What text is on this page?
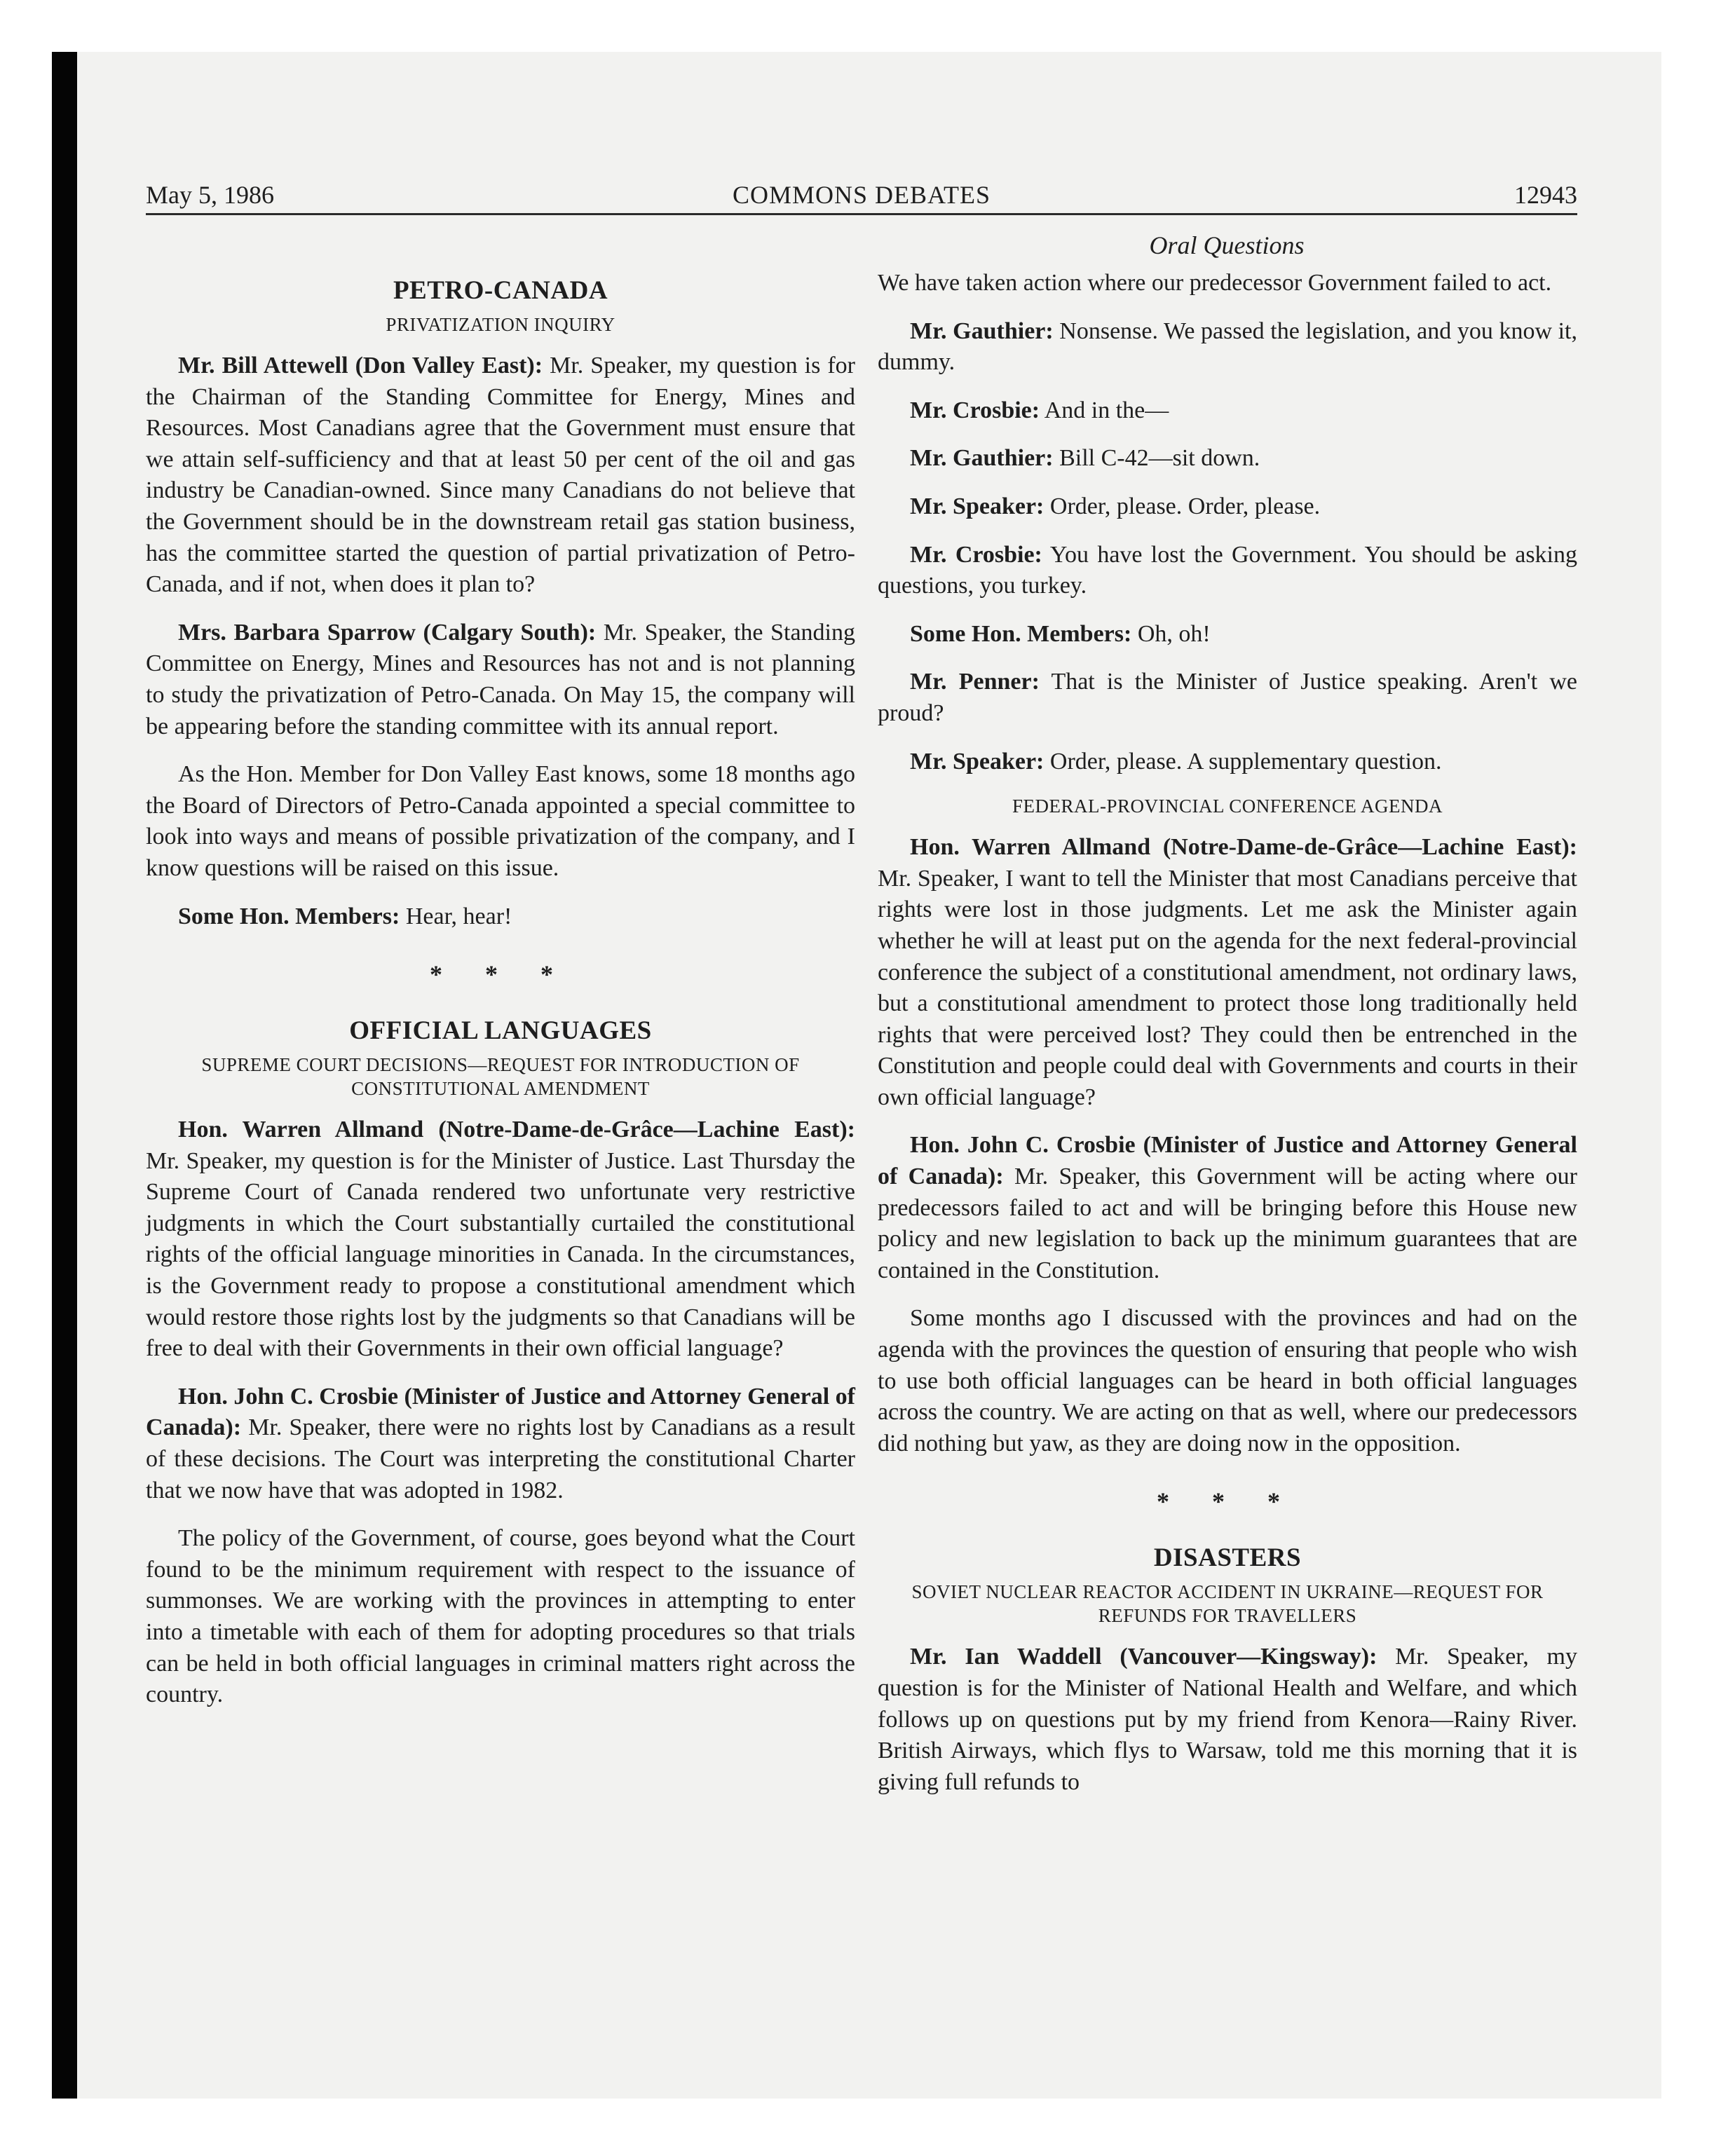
May 5, 1986	COMMONS DEBATES	12943
Oral Questions
PETRO-CANADA
PRIVATIZATION INQUIRY

Mr. Bill Attewell (Don Valley East): Mr. Speaker, my question is for the Chairman of the Standing Committee for Energy, Mines and Resources. Most Canadians agree that the Government must ensure that we attain self-sufficiency and that at least 50 per cent of the oil and gas industry be Canadian-owned. Since many Canadians do not believe that the Government should be in the downstream retail gas station business, has the committee started the question of partial privatization of Petro-Canada, and if not, when does it plan to?

Mrs. Barbara Sparrow (Calgary South): Mr. Speaker, the Standing Committee on Energy, Mines and Resources has not and is not planning to study the privatization of Petro-Canada. On May 15, the company will be appearing before the standing committee with its annual report.

As the Hon. Member for Don Valley East knows, some 18 months ago the Board of Directors of Petro-Canada appointed a special committee to look into ways and means of possible privatization of the company, and I know questions will be raised on this issue.

Some Hon. Members: Hear, hear!

* * *
OFFICIAL LANGUAGES
SUPREME COURT DECISIONS—REQUEST FOR INTRODUCTION OF CONSTITUTIONAL AMENDMENT

Hon. Warren Allmand (Notre-Dame-de-Grâce—Lachine East): Mr. Speaker, my question is for the Minister of Justice. Last Thursday the Supreme Court of Canada rendered two unfortunate very restrictive judgments in which the Court substantially curtailed the constitutional rights of the official language minorities in Canada. In the circumstances, is the Government ready to propose a constitutional amendment which would restore those rights lost by the judgments so that Canadians will be free to deal with their Governments in their own official language?

Hon. John C. Crosbie (Minister of Justice and Attorney General of Canada): Mr. Speaker, there were no rights lost by Canadians as a result of these decisions. The Court was interpreting the constitutional Charter that we now have that was adopted in 1982.

The policy of the Government, of course, goes beyond what the Court found to be the minimum requirement with respect to the issuance of summonses. We are working with the provinces in attempting to enter into a timetable with each of them for adopting procedures so that trials can be held in both official languages in criminal matters right across the country.

We have taken action where our predecessor Government failed to act.

Mr. Gauthier: Nonsense. We passed the legislation, and you know it, dummy.

Mr. Crosbie: And in the—

Mr. Gauthier: Bill C-42—sit down.

Mr. Speaker: Order, please. Order, please.

Mr. Crosbie: You have lost the Government. You should be asking questions, you turkey.

Some Hon. Members: Oh, oh!

Mr. Penner: That is the Minister of Justice speaking. Aren't we proud?

Mr. Speaker: Order, please. A supplementary question.

FEDERAL-PROVINCIAL CONFERENCE AGENDA

Hon. Warren Allmand (Notre-Dame-de-Grâce—Lachine East): Mr. Speaker, I want to tell the Minister that most Canadians perceive that rights were lost in those judgments. Let me ask the Minister again whether he will at least put on the agenda for the next federal-provincial conference the subject of a constitutional amendment, not ordinary laws, but a constitutional amendment to protect those long traditionally held rights that were perceived lost? They could then be entrenched in the Constitution and people could deal with Governments and courts in their own official language?

Hon. John C. Crosbie (Minister of Justice and Attorney General of Canada): Mr. Speaker, this Government will be acting where our predecessors failed to act and will be bringing before this House new policy and new legislation to back up the minimum guarantees that are contained in the Constitution.

Some months ago I discussed with the provinces and had on the agenda with the provinces the question of ensuring that people who wish to use both official languages can be heard in both official languages across the country. We are acting on that as well, where our predecessors did nothing but yaw, as they are doing now in the opposition.

* * *
DISASTERS
SOVIET NUCLEAR REACTOR ACCIDENT IN UKRAINE—REQUEST FOR REFUNDS FOR TRAVELLERS

Mr. Ian Waddell (Vancouver—Kingsway): Mr. Speaker, my question is for the Minister of National Health and Welfare, and which follows up on questions put by my friend from Kenora—Rainy River. British Airways, which flys to Warsaw, told me this morning that it is giving full refunds to
